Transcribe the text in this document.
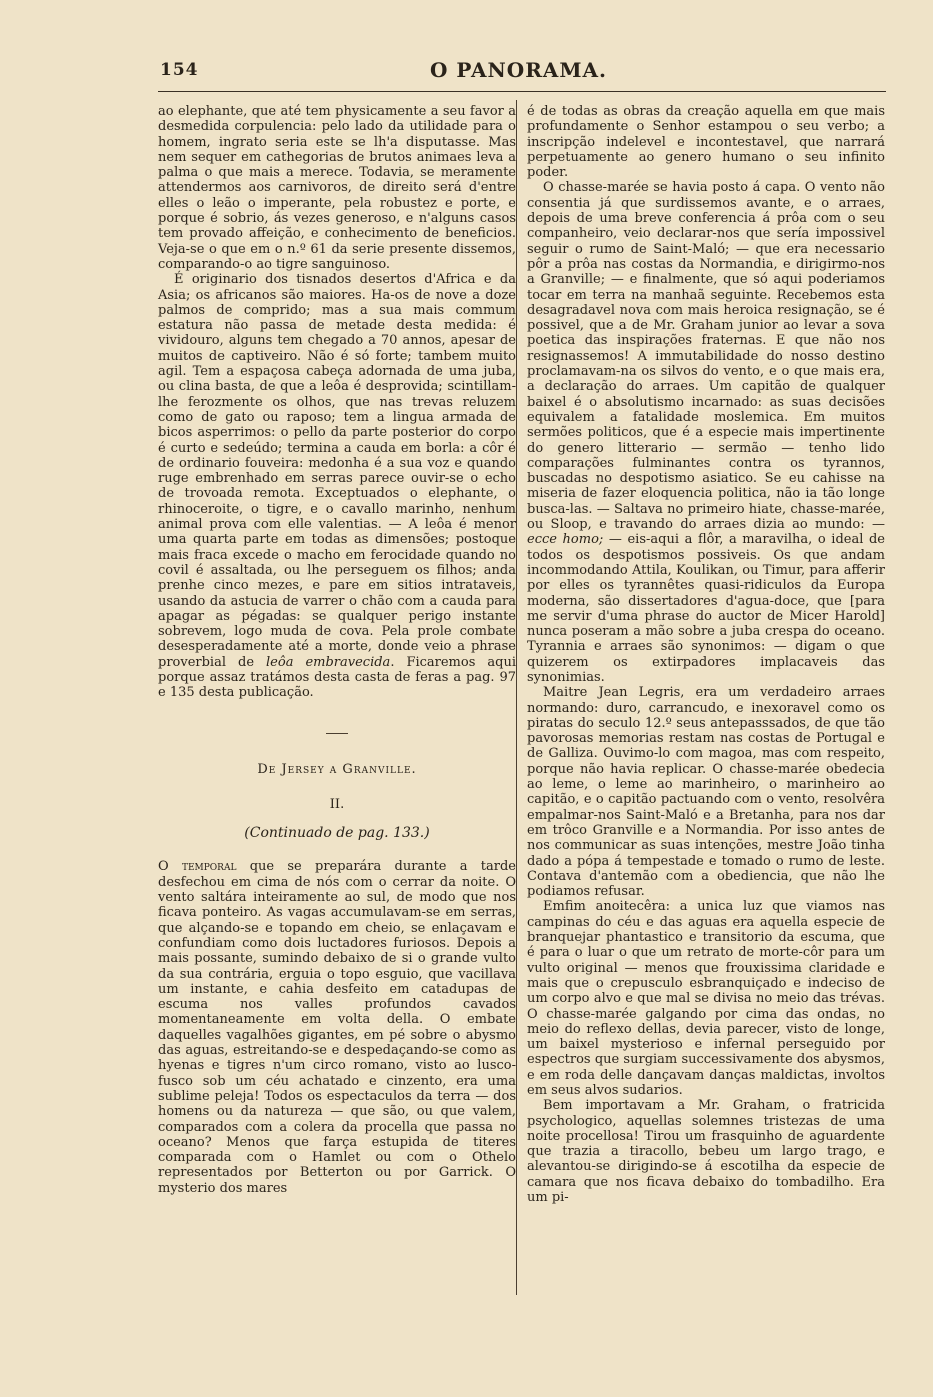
154	O PANORAMA.

ao elephante, que até tem physicamente a seu favor a desmedida corpulencia: pelo lado da utilidade para o homem, ingrato seria este se lh'a disputasse. Mas nem sequer em cathegorias de brutos animaes leva a palma o que mais a merece. Todavia, se meramente attendermos aos carnivoros, de direito será d'entre elles o leão o imperante, pela robustez e porte, e porque é sobrio, ás vezes generoso, e n'alguns casos tem provado affeição, e conhecimento de beneficios. Veja-se o que em o n.º 61 da serie presente dissemos, comparando-o ao tigre sanguinoso.

É originario dos tisnados desertos d'Africa e da Asia; os africanos são maiores. Ha-os de nove a doze palmos de comprido; mas a sua mais commum estatura não passa de metade desta medida: é vividouro, alguns tem chegado a 70 annos, apesar de muitos de captiveiro. Não é só forte; tambem muito agil. Tem a espaçosa cabeça adornada de uma juba, ou clina basta, de que a leôa é desprovida; scintillam-lhe ferozmente os olhos, que nas trevas reluzem como de gato ou raposo; tem a lingua armada de bicos asperrimos: o pello da parte posterior do corpo é curto e sedeúdo; termina a cauda em borla: a côr é de ordinario fouveira: medonha é a sua voz e quando ruge embrenhado em serras parece ouvir-se o echo de trovoada remota. Exceptuados o elephante, o rhinoceroite, o tigre, e o cavallo marinho, nenhum animal prova com elle valentias. — A leôa é menor uma quarta parte em todas as dimensões; postoque mais fraca excede o macho em ferocidade quando no covil é assaltada, ou lhe perseguem os filhos; anda prenhe cinco mezes, e pare em sitios intrataveis, usando da astucia de varrer o chão com a cauda para apagar as pégadas: se qualquer perigo instante sobrevem, logo muda de cova. Pela prole combate desesperadamente até a morte, donde veio a phrase proverbial de leôa embravecida. Ficaremos aqui porque assaz tratámos desta casta de feras a pag. 97 e 135 desta publicação.

De Jersey a Granville.
II.
(Continuado de pag. 133.)

O temporal que se preparára durante a tarde desfechou em cima de nós com o cerrar da noite. O vento saltára inteiramente ao sul, de modo que nos ficava ponteiro. As vagas accumulavam-se em serras, que alçando-se e topando em cheio, se enlaçavam e confundiam como dois luctadores furiosos. Depois a mais possante, sumindo debaixo de si o grande vulto da sua contrária, erguia o topo esguio, que vacillava um instante, e cahia desfeito em catadupas de escuma nos valles profundos cavados momentaneamente em volta della. O embate daquelles vagalhões gigantes, em pé sobre o abysmo das aguas, estreitando-se e despedaçando-se como as hyenas e tigres n'um circo romano, visto ao lusco-fusco sob um céu achatado e cinzento, era uma sublime peleja! Todos os espectaculos da terra — dos homens ou da natureza — que são, ou que valem, comparados com a colera da procella que passa no oceano? Menos que farça estupida de titeres comparada com o Hamlet ou com o Othelo representados por Betterton ou por Garrick. O mysterio dos mares

é de todas as obras da creação aquella em que mais profundamente o Senhor estampou o seu verbo; a inscripção indelevel e incontestavel, que narrará perpetuamente ao genero humano o seu infinito poder.

O chasse-marée se havia posto á capa. O vento não consentia já que surdissemos avante, e o arraes, depois de uma breve conferencia á prôa com o seu companheiro, veio declarar-nos que sería impossivel seguir o rumo de Saint-Maló; — que era necessario pôr a prôa nas costas da Normandia, e dirigirmo-nos a Granville; — e finalmente, que só aqui poderiamos tocar em terra na manhaã seguinte. Recebemos esta desagradavel nova com mais heroica resignação, se é possivel, que a de Mr. Graham junior ao levar a sova poetica das inspirações fraternas. E que não nos resignassemos! A immutabilidade do nosso destino proclamavam-na os silvos do vento, e o que mais era, a declaração do arraes. Um capitão de qualquer baixel é o absolutismo incarnado: as suas decisões equivalem a fatalidade moslemica. Em muitos sermões politicos, que é a especie mais impertinente do genero litterario — sermão — tenho lido comparações fulminantes contra os tyrannos, buscadas no despotismo asiatico. Se eu cahisse na miseria de fazer eloquencia politica, não ia tão longe busca-las. — Saltava no primeiro hiate, chasse-marée, ou Sloop, e travando do arraes dizia ao mundo: — ecce homo; — eis-aqui a flôr, a maravilha, o ideal de todos os despotismos possiveis. Os que andam incommodando Attila, Koulikan, ou Timur, para afferir por elles os tyrannêtes quasi-ridiculos da Europa moderna, são dissertadores d'agua-doce, que [para me servir d'uma phrase do auctor de Micer Harold] nunca poseram a mão sobre a juba crespa do oceano. Tyrannia e arraes são synonimos: — digam o que quizerem os extirpadores implacaveis das synonimias.

Maitre Jean Legris, era um verdadeiro arraes normando: duro, carrancudo, e inexoravel como os piratas do seculo 12.º seus antepasssados, de que tão pavorosas memorias restam nas costas de Portugal e de Galliza. Ouvimo-lo com magoa, mas com respeito, porque não havia replicar. O chasse-marée obedecia ao leme, o leme ao marinheiro, o marinheiro ao capitão, e o capitão pactuando com o vento, resolvêra empalmar-nos Saint-Maló e a Bretanha, para nos dar em trôco Granville e a Normandia. Por isso antes de nos communicar as suas intenções, mestre João tinha dado a pópa á tempestade e tomado o rumo de leste. Contava d'antemão com a obediencia, que não lhe podiamos refusar.

Emfim anoitecêra: a unica luz que viamos nas campinas do céu e das aguas era aquella especie de branquejar phantastico e transitorio da escuma, que é para o luar o que um retrato de morte-côr para um vulto original — menos que frouxissima claridade e mais que o crepusculo esbranquiçado e indeciso de um corpo alvo e que mal se divisa no meio das trévas. O chasse-marée galgando por cima das ondas, no meio do reflexo dellas, devia parecer, visto de longe, um baixel mysterioso e infernal perseguido por espectros que surgiam successivamente dos abysmos, e em roda delle dançavam danças maldictas, involtos em seus alvos sudarios.

Bem importavam a Mr. Graham, o fratricida psychologico, aquellas solemnes tristezas de uma noite procellosa! Tirou um frasquinho de aguardente que trazia a tiracollo, bebeu um largo trago, e alevantou-se dirigindo-se á escotilha da especie de camara que nos ficava debaixo do tombadilho. Era um pi-
